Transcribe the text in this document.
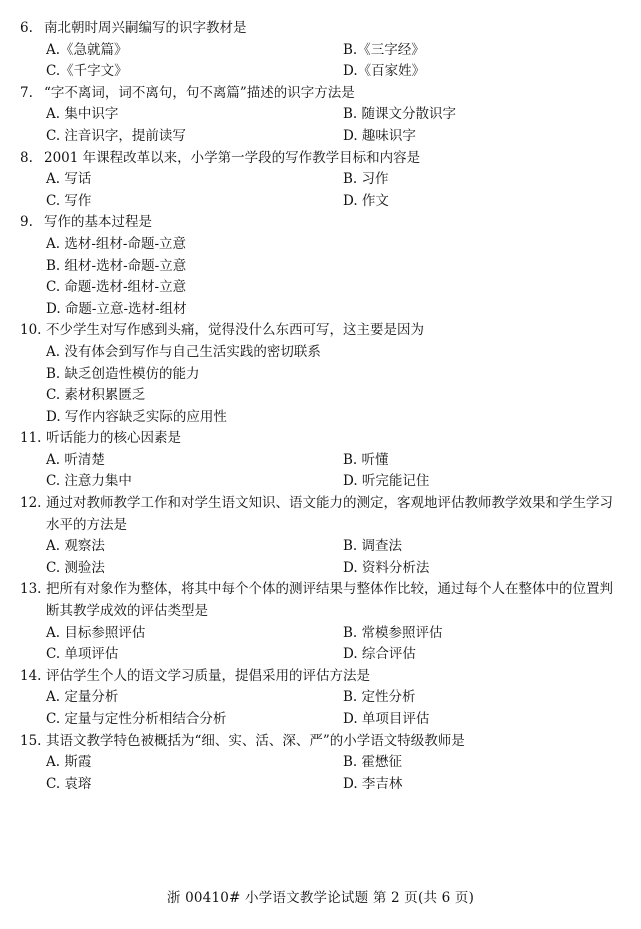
6. 南北朝时周兴嗣编写的识字教材是
A.《急就篇》	B.《三字经》
C.《千字文》	D.《百家姓》
7. “字不离词，词不离句，句不离篇”描述的识字方法是
A. 集中识字	B. 随课文分散识字
C. 注音识字，提前读写	D. 趣味识字
8. 2001 年课程改革以来，小学第一学段的写作教学目标和内容是
A. 写话	B. 习作
C. 写作	D. 作文
9. 写作的基本过程是
A. 选材-组材-命题-立意
B. 组材-选材-命题-立意
C. 命题-选材-组材-立意
D. 命题-立意-选材-组材
10. 不少学生对写作感到头痛，觉得没什么东西可写，这主要是因为
A. 没有体会到写作与自己生活实践的密切联系
B. 缺乏创造性模仿的能力
C. 素材积累匮乏
D. 写作内容缺乏实际的应用性
11. 听话能力的核心因素是
A. 听清楚	B. 听懂
C. 注意力集中	D. 听完能记住
12. 通过对教师教学工作和对学生语文知识、语文能力的测定，客观地评估教师教学效果和学生学习水平的方法是
A. 观察法	B. 调查法
C. 测验法	D. 资料分析法
13. 把所有对象作为整体，将其中每个个体的测评结果与整体作比较，通过每个人在整体中的位置判断其教学成效的评估类型是
A. 目标参照评估	B. 常模参照评估
C. 单项评估	D. 综合评估
14. 评估学生个人的语文学习质量，提倡采用的评估方法是
A. 定量分析	B. 定性分析
C. 定量与定性分析相结合分析	D. 单项目评估
15. 其语文教学特色被概括为“细、实、活、深、严”的小学语文特级教师是
A. 斯霞	B. 霍懋征
C. 袁瑢	D. 李吉林
浙 00410# 小学语文教学论试题 第 2 页(共 6 页)
